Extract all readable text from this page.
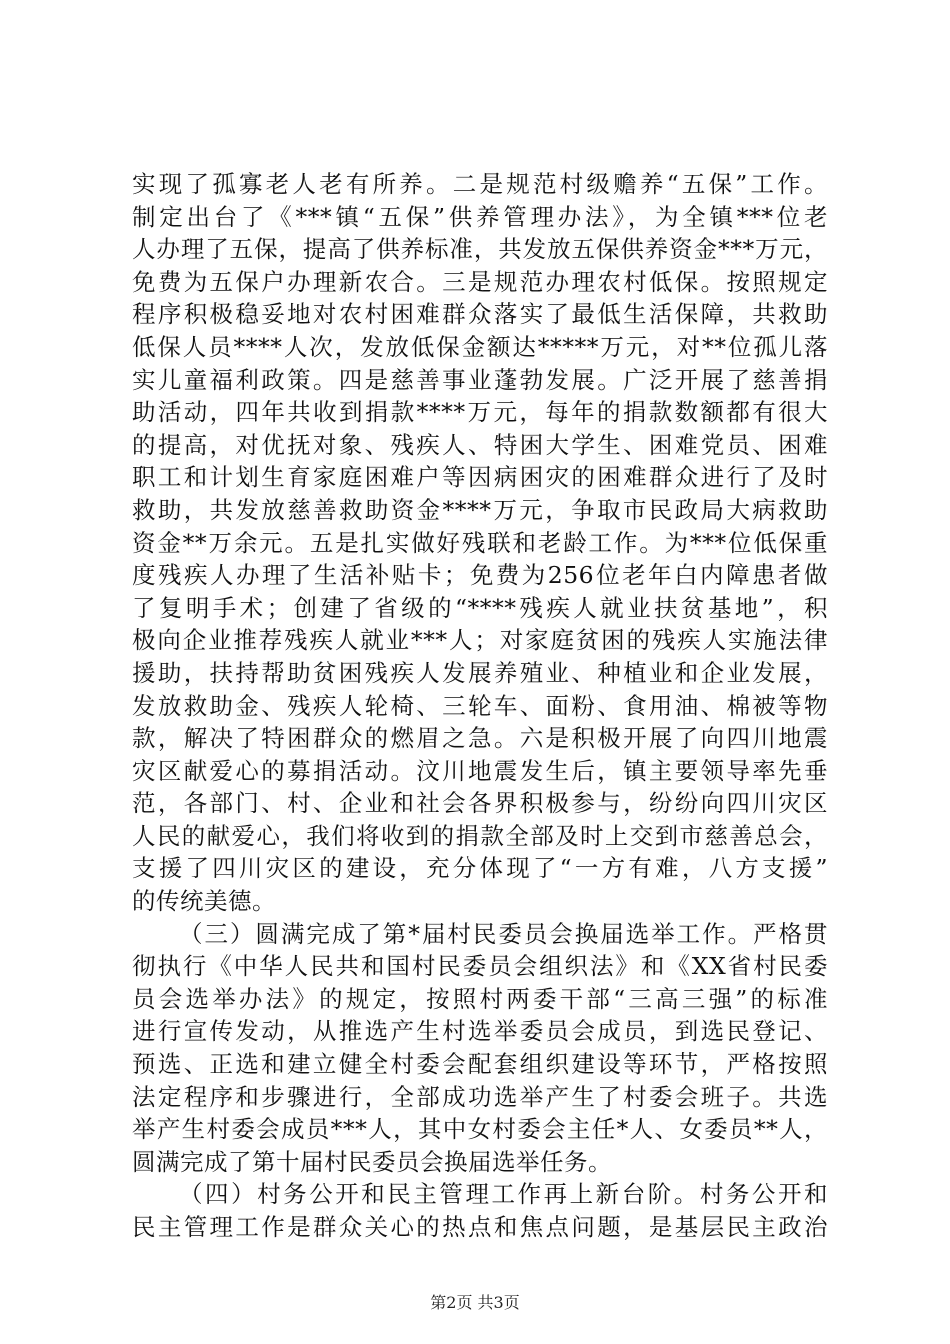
实现了孤寡老人老有所养。二是规范村级赡养“五保”工作。
制定出台了《***镇“五保”供养管理办法》，为全镇***位老
人办理了五保，提高了供养标准，共发放五保供养资金***万元，
免费为五保户办理新农合。三是规范办理农村低保。按照规定
程序积极稳妥地对农村困难群众落实了最低生活保障，共救助
低保人员****人次，发放低保金额达*****万元，对**位孤儿落
实儿童福利政策。四是慈善事业蓬勃发展。广泛开展了慈善捐
助活动，四年共收到捐款****万元，每年的捐款数额都有很大
的提高，对优抚对象、残疾人、特困大学生、困难党员、困难
职工和计划生育家庭困难户等因病困灾的困难群众进行了及时
救助，共发放慈善救助资金****万元，争取市民政局大病救助
资金**万余元。五是扎实做好残联和老龄工作。为***位低保重
度残疾人办理了生活补贴卡；免费为256位老年白内障患者做
了复明手术；创建了省级的“****残疾人就业扶贫基地”，积
极向企业推荐残疾人就业***人；对家庭贫困的残疾人实施法律
援助，扶持帮助贫困残疾人发展养殖业、种植业和企业发展，
发放救助金、残疾人轮椅、三轮车、面粉、食用油、棉被等物
款，解决了特困群众的燃眉之急。六是积极开展了向四川地震
灾区献爱心的募捐活动。汶川地震发生后，镇主要领导率先垂
范，各部门、村、企业和社会各界积极参与，纷纷向四川灾区
人民的献爱心，我们将收到的捐款全部及时上交到市慈善总会，
支援了四川灾区的建设，充分体现了“一方有难，八方支援”
的传统美德。
（三）圆满完成了第*届村民委员会换届选举工作。严格贯
彻执行《中华人民共和国村民委员会组织法》和《XX省村民委
员会选举办法》的规定，按照村两委干部“三高三强”的标准
进行宣传发动，从推选产生村选举委员会成员，到选民登记、
预选、正选和建立健全村委会配套组织建设等环节，严格按照
法定程序和步骤进行，全部成功选举产生了村委会班子。共选
举产生村委会成员***人，其中女村委会主任*人、女委员**人，
圆满完成了第十届村民委员会换届选举任务。
（四）村务公开和民主管理工作再上新台阶。村务公开和
民主管理工作是群众关心的热点和焦点问题，是基层民主政治
第2页 共3页
